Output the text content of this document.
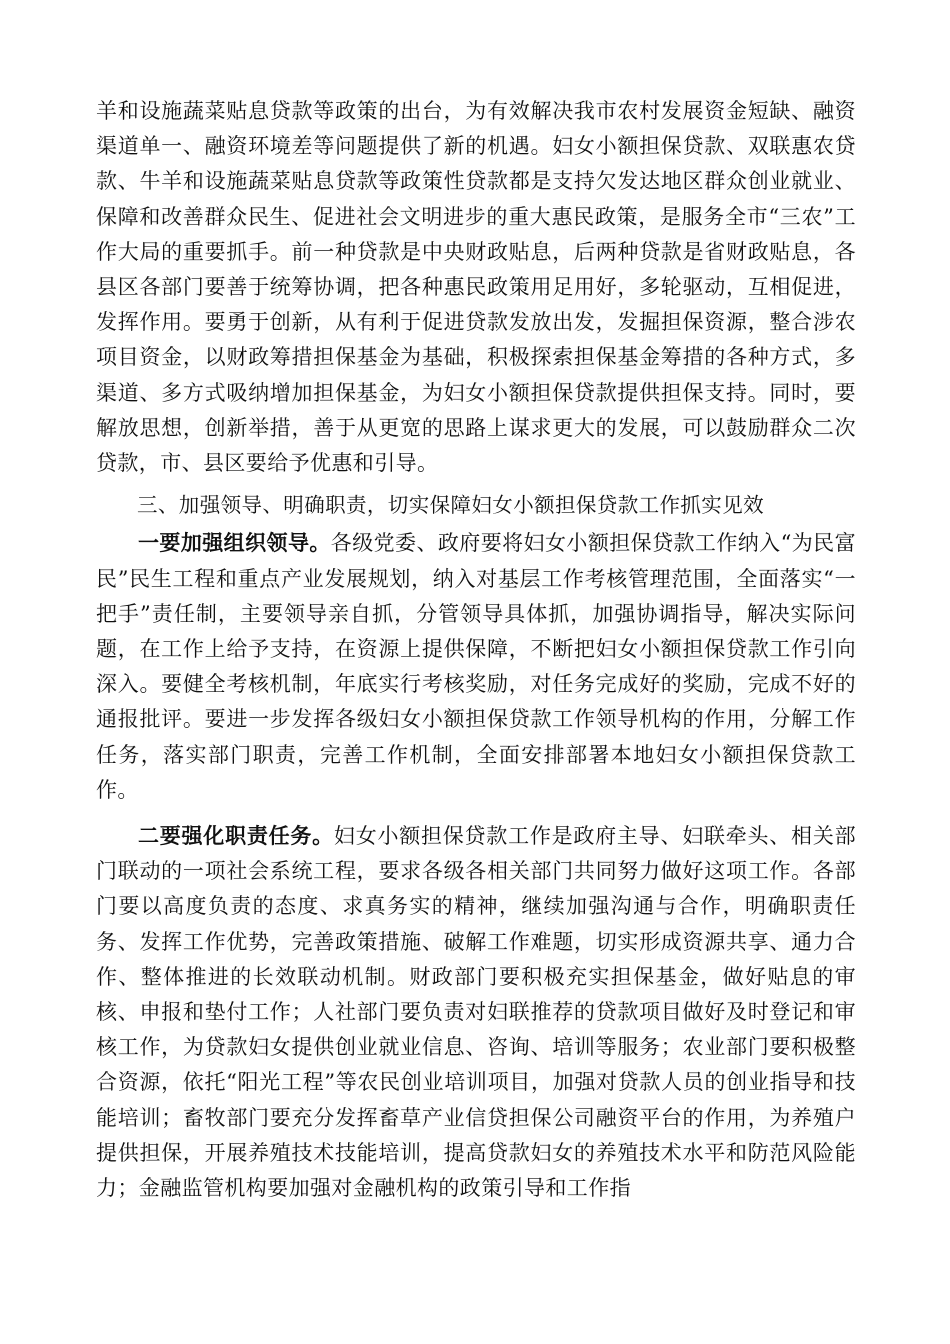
羊和设施蔬菜贴息贷款等政策的出台，为有效解决我市农村发展资金短缺、融资渠道单一、融资环境差等问题提供了新的机遇。妇女小额担保贷款、双联惠农贷款、牛羊和设施蔬菜贴息贷款等政策性贷款都是支持欠发达地区群众创业就业、保障和改善群众民生、促进社会文明进步的重大惠民政策，是服务全市“三农”工作大局的重要抓手。前一种贷款是中央财政贴息，后两种贷款是省财政贴息，各县区各部门要善于统筹协调，把各种惠民政策用足用好，多轮驱动，互相促进，发挥作用。要勇于创新，从有利于促进贷款发放出发，发掘担保资源，整合涉农项目资金，以财政筹措担保基金为基础，积极探索担保基金筹措的各种方式，多渠道、多方式吸纳增加担保基金，为妇女小额担保贷款提供担保支持。同时，要解放思想，创新举措，善于从更宽的思路上谋求更大的发展，可以鼓励群众二次贷款，市、县区要给予优惠和引导。

三、加强领导、明确职责，切实保障妇女小额担保贷款工作抓实见效

一要加强组织领导。各级党委、政府要将妇女小额担保贷款工作纳入“为民富民”民生工程和重点产业发展规划，纳入对基层工作考核管理范围，全面落实“一把手”责任制，主要领导亲自抓，分管领导具体抓，加强协调指导，解决实际问题，在工作上给予支持，在资源上提供保障，不断把妇女小额担保贷款工作引向深入。要健全考核机制，年底实行考核奖励，对任务完成好的奖励，完成不好的通报批评。要进一步发挥各级妇女小额担保贷款工作领导机构的作用，分解工作任务，落实部门职责，完善工作机制，全面安排部署本地妇女小额担保贷款工作。

二要强化职责任务。妇女小额担保贷款工作是政府主导、妇联牵头、相关部门联动的一项社会系统工程，要求各级各相关部门共同努力做好这项工作。各部门要以高度负责的态度、求真务实的精神，继续加强沟通与合作，明确职责任务、发挥工作优势，完善政策措施、破解工作难题，切实形成资源共享、通力合作、整体推进的长效联动机制。财政部门要积极充实担保基金，做好贴息的审核、申报和垫付工作；人社部门要负责对妇联推荐的贷款项目做好及时登记和审核工作，为贷款妇女提供创业就业信息、咨询、培训等服务；农业部门要积极整合资源，依托“阳光工程”等农民创业培训项目，加强对贷款人员的创业指导和技能培训；畜牧部门要充分发挥畜草产业信贷担保公司融资平台的作用，为养殖户提供担保，开展养殖技术技能培训，提高贷款妇女的养殖技术水平和防范风险能力；金融监管机构要加强对金融机构的政策引导和工作指
